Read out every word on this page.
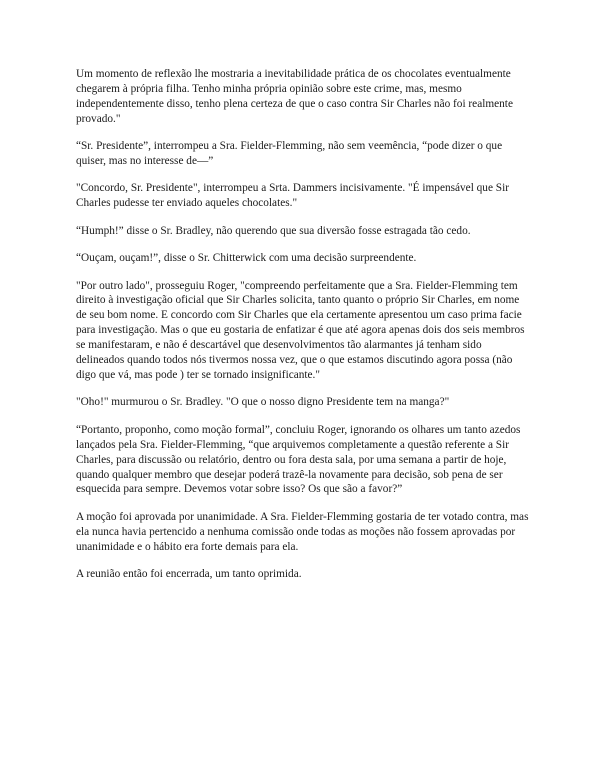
Um momento de reflexão lhe mostraria a inevitabilidade prática de os chocolates eventualmente chegarem à própria filha. Tenho minha própria opinião sobre este crime, mas, mesmo independentemente disso, tenho plena certeza de que o caso contra Sir Charles não foi realmente provado."

“Sr. Presidente”, interrompeu a Sra. Fielder-Flemming, não sem veemência, “pode dizer o que quiser, mas no interesse de—”

"Concordo, Sr. Presidente", interrompeu a Srta. Dammers incisivamente. "É impensável que Sir Charles pudesse ter enviado aqueles chocolates."

“Humph!” disse o Sr. Bradley, não querendo que sua diversão fosse estragada tão cedo.

“Ouçam, ouçam!”, disse o Sr. Chitterwick com uma decisão surpreendente.

"Por outro lado", prosseguiu Roger, "compreendo perfeitamente que a Sra. Fielder-Flemming tem direito à investigação oficial que Sir Charles solicita, tanto quanto o próprio Sir Charles, em nome de seu bom nome. E concordo com Sir Charles que ela certamente apresentou um caso prima facie para investigação. Mas o que eu gostaria de enfatizar é que até agora apenas dois dos seis membros se manifestaram, e não é descartável que desenvolvimentos tão alarmantes já tenham sido delineados quando todos nós tivermos nossa vez, que o que estamos discutindo agora possa (não digo que vá, mas pode ) ter se tornado insignificante."

"Oho!" murmurou o Sr. Bradley. "O que o nosso digno Presidente tem na manga?"

“Portanto, proponho, como moção formal”, concluiu Roger, ignorando os olhares um tanto azedos lançados pela Sra. Fielder-Flemming, “que arquivemos completamente a questão referente a Sir Charles, para discussão ou relatório, dentro ou fora desta sala, por uma semana a partir de hoje, quando qualquer membro que desejar poderá trazê-la novamente para decisão, sob pena de ser esquecida para sempre. Devemos votar sobre isso? Os que são a favor?”

A moção foi aprovada por unanimidade. A Sra. Fielder-Flemming gostaria de ter votado contra, mas ela nunca havia pertencido a nenhuma comissão onde todas as moções não fossem aprovadas por unanimidade e o hábito era forte demais para ela.

A reunião então foi encerrada, um tanto oprimida.
